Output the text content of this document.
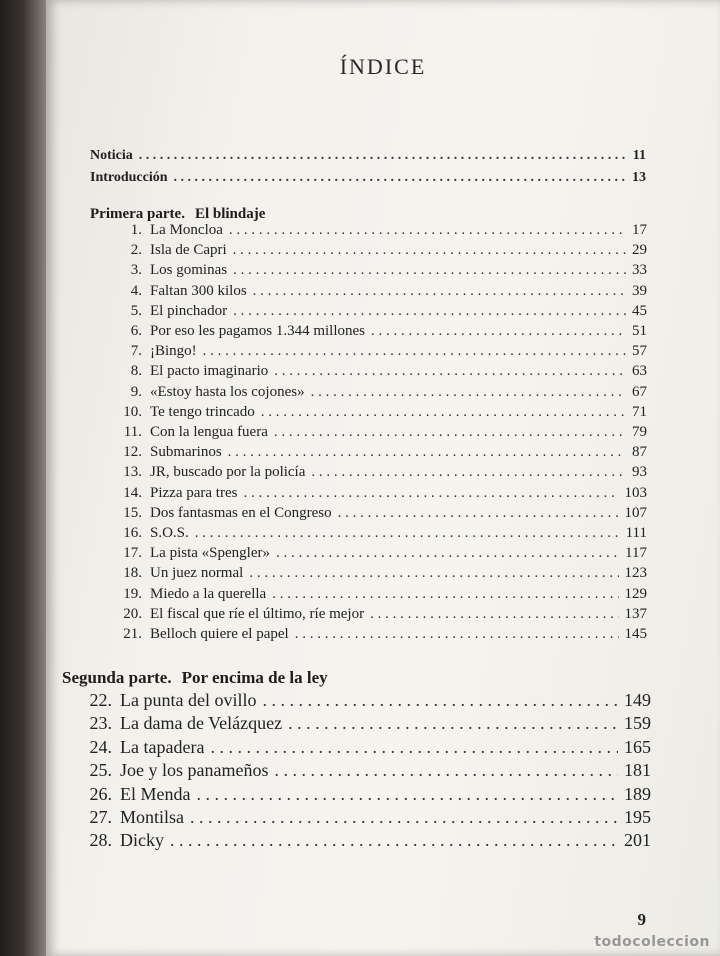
ÍNDICE
Noticia . . .	11
Introducción . . .	13
Primera parte. El blindaje
1. La Moncloa . . .	17
2. Isla de Capri . . .	29
3. Los gominas . . .	33
4. Faltan 300 kilos . . .	39
5. El pinchador . . .	45
6. Por eso les pagamos 1.344 millones . . .	51
7. ¡Bingo! . . .	57
8. El pacto imaginario . . .	63
9. «Estoy hasta los cojones» . . .	67
10. Te tengo trincado . . .	71
11. Con la lengua fuera . . .	79
12. Submarinos . . .	87
13. JR, buscado por la policía . . .	93
14. Pizza para tres . . .	103
15. Dos fantasmas en el Congreso . . .	107
16. S.O.S. . . .	111
17. La pista «Spengler» . . .	117
18. Un juez normal . . .	123
19. Miedo a la querella . . .	129
20. El fiscal que ríe el último, ríe mejor . . .	137
21. Belloch quiere el papel . . .	145
Segunda parte. Por encima de la ley
22. La punta del ovillo . . .	149
23. La dama de Velázquez . . .	159
24. La tapadera . . .	165
25. Joe y los panameños . . .	181
26. El Menda . . .	189
27. Montilsa . . .	195
28. Dicky . . .	201
9
todocoleccion
